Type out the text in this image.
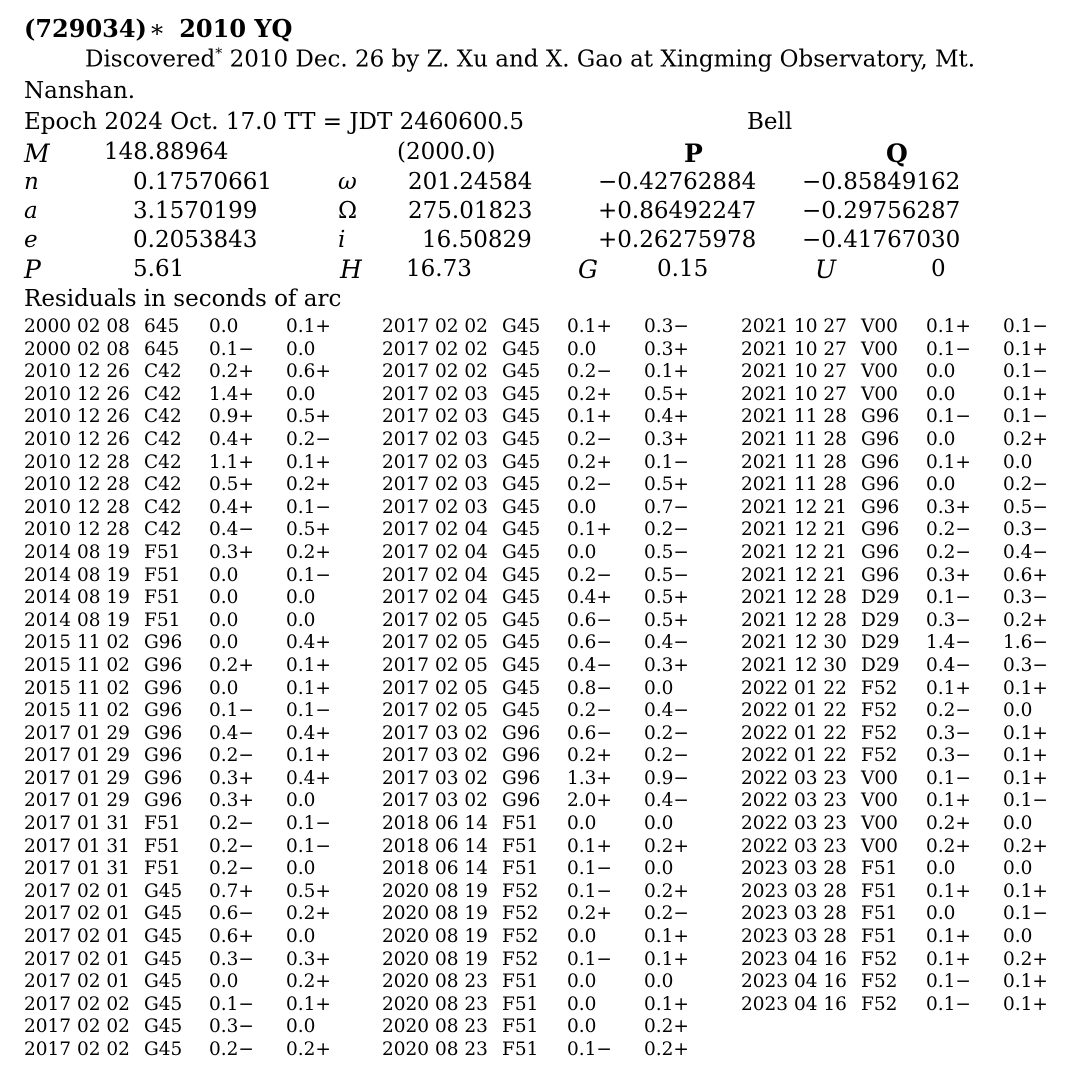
(729034)∗ 2010 YQ
Discovered* 2010 Dec. 26 by Z. Xu and X. Gao at Xingming Observatory, Mt.
Nanshan.
Epoch 2024 Oct. 17.0 TT = JDT 2460600.5	Bell
M 148.88964	(2000.0)	P	Q
n	0.17570661	ω 201.24584	−0.42762884 −0.85849162
a	3.1570199	Ω 275.01823	+0.86492247 −0.29756287
e	0.2053843	i	16.50829	+0.26275978 −0.41767030
P	5.61	H 16.73	G	0.15	U	0
Residuals in seconds of arc
2000 02 08 645 0.0	0.1+
2000 02 08 645 0.1− 0.0
2010 12 26 C42 0.2+ 0.6+
2010 12 26 C42 1.4+ 0.0
2010 12 26 C42 0.9+ 0.5+
2010 12 26 C42 0.4+ 0.2−
2010 12 28 C42 1.1+ 0.1+
2010 12 28 C42 0.5+ 0.2+
2010 12 28 C42 0.4+ 0.1−
2010 12 28 C42 0.4− 0.5+
2014 08 19 F51 0.3+ 0.2+
2014 08 19 F51 0.0	0.1−
2014 08 19 F51 0.0	0.0
2014 08 19 F51 0.0	0.0
2015 11 02 G96 0.0	0.4+
2015 11 02 G96 0.2+ 0.1+
2015 11 02 G96 0.0	0.1+
2015 11 02 G96 0.1− 0.1−
2017 01 29 G96 0.4− 0.4+
2017 01 29 G96 0.2− 0.1+
2017 01 29 G96 0.3+ 0.4+
2017 01 29 G96 0.3+ 0.0
2017 01 31 F51 0.2− 0.1−
2017 01 31 F51 0.2− 0.1−
2017 01 31 F51 0.2− 0.0
2017 02 01 G45 0.7+ 0.5+
2017 02 01 G45 0.6− 0.2+
2017 02 01 G45 0.6+ 0.0
2017 02 01 G45 0.3− 0.3+
2017 02 01 G45 0.0	0.2+
2017 02 02 G45 0.1− 0.1+
2017 02 02 G45 0.3− 0.0
2017 02 02 G45 0.2− 0.2+
2017 02 02 G45 0.1+ 0.3−
2017 02 02 G45 0.0	0.3+
2017 02 02 G45 0.2− 0.1+
2017 02 03 G45 0.2+ 0.5+
2017 02 03 G45 0.1+ 0.4+
2017 02 03 G45 0.2− 0.3+
2017 02 03 G45 0.2+ 0.1−
2017 02 03 G45 0.2− 0.5+
2017 02 03 G45 0.0	0.7−
2017 02 04 G45 0.1+ 0.2−
2017 02 04 G45 0.0	0.5−
2017 02 04 G45 0.2− 0.5−
2017 02 04 G45 0.4+ 0.5+
2017 02 05 G45 0.6− 0.5+
2017 02 05 G45 0.6− 0.4−
2017 02 05 G45 0.4− 0.3+
2017 02 05 G45 0.8− 0.0
2017 02 05 G45 0.2− 0.4−
2017 03 02 G96 0.6− 0.2−
2017 03 02 G96 0.2+ 0.2−
2017 03 02 G96 1.3+ 0.9−
2017 03 02 G96 2.0+ 0.4−
2018 06 14 F51 0.0	0.0
2018 06 14 F51 0.1+ 0.2+
2018 06 14 F51 0.1− 0.0
2020 08 19 F52 0.1− 0.2+
2020 08 19 F52 0.2+ 0.2−
2020 08 19 F52 0.0	0.1+
2020 08 19 F52 0.1− 0.1+
2020 08 23 F51 0.0	0.0
2020 08 23 F51 0.0	0.1+
2020 08 23 F51 0.0	0.2+
2020 08 23 F51 0.1− 0.2+
2021 10 27 V00 0.1+ 0.1−
2021 10 27 V00 0.1− 0.1+
2021 10 27 V00 0.0	0.1−
2021 10 27 V00 0.0	0.1+
2021 11 28 G96 0.1− 0.1−
2021 11 28 G96 0.0	0.2+
2021 11 28 G96 0.1+ 0.0
2021 11 28 G96 0.0	0.2−
2021 12 21 G96 0.3+ 0.5−
2021 12 21 G96 0.2− 0.3−
2021 12 21 G96 0.2− 0.4−
2021 12 21 G96 0.3+ 0.6+
2021 12 28 D29 0.1− 0.3−
2021 12 28 D29 0.3− 0.2+
2021 12 30 D29 1.4− 1.6−
2021 12 30 D29 0.4− 0.3−
2022 01 22 F52 0.1+ 0.1+
2022 01 22 F52 0.2− 0.0
2022 01 22 F52 0.3− 0.1+
2022 01 22 F52 0.3− 0.1+
2022 03 23 V00 0.1− 0.1+
2022 03 23 V00 0.1+ 0.1−
2022 03 23 V00 0.2+ 0.0
2022 03 23 V00 0.2+ 0.2+
2023 03 28 F51 0.0	0.0
2023 03 28 F51 0.1+ 0.1+
2023 03 28 F51 0.0	0.1−
2023 03 28 F51 0.1+ 0.0
2023 04 16 F52 0.1+ 0.2+
2023 04 16 F52 0.1− 0.1+
2023 04 16 F52 0.1− 0.1+
